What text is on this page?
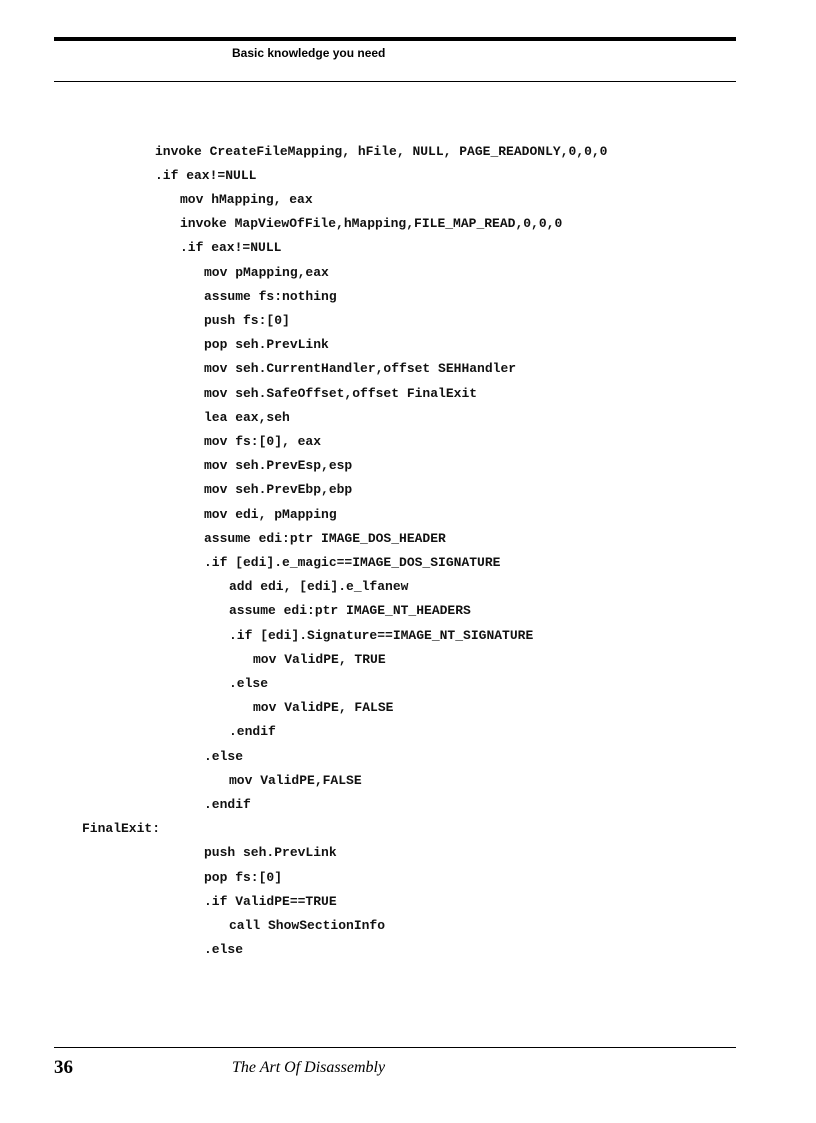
Basic knowledge you need
invoke CreateFileMapping, hFile, NULL, PAGE_READONLY,0,0,0
.if eax!=NULL
mov hMapping, eax
invoke MapViewOfFile,hMapping,FILE_MAP_READ,0,0,0
.if eax!=NULL
mov pMapping,eax
assume fs:nothing
push fs:[0]
pop seh.PrevLink
mov seh.CurrentHandler,offset SEHHandler
mov seh.SafeOffset,offset FinalExit
lea eax,seh
mov fs:[0], eax
mov seh.PrevEsp,esp
mov seh.PrevEbp,ebp
mov edi, pMapping
assume edi:ptr IMAGE_DOS_HEADER
.if [edi].e_magic==IMAGE_DOS_SIGNATURE
add edi, [edi].e_lfanew
assume edi:ptr IMAGE_NT_HEADERS
.if [edi].Signature==IMAGE_NT_SIGNATURE
mov ValidPE, TRUE
.else
mov ValidPE, FALSE
.endif
.else
mov ValidPE,FALSE
.endif
FinalExit:
push seh.PrevLink
pop fs:[0]
.if ValidPE==TRUE
call ShowSectionInfo
.else
36	The Art Of Disassembly
